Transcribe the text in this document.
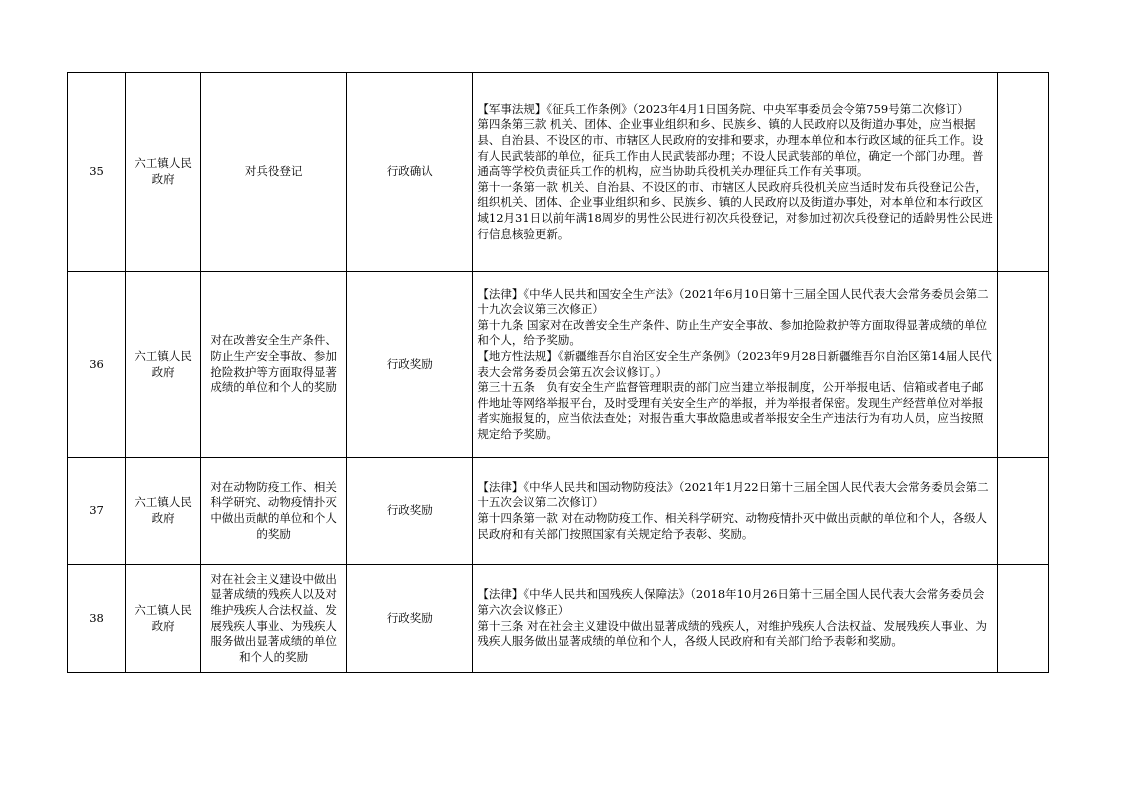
35	六工镇人民政府	对兵役登记	行政确认	【军事法规】《征兵工作条例》（2023年4月1日国务院、中央军事委员会令第759号第二次修订）
第四条第三款 机关、团体、企业事业组织和乡、民族乡、镇的人民政府以及街道办事处，应当根据县、自治县、不设区的市、市辖区人民政府的安排和要求，办理本单位和本行政区域的征兵工作。设有人民武装部的单位，征兵工作由人民武装部办理；不设人民武装部的单位，确定一个部门办理。普通高等学校负责征兵工作的机构，应当协助兵役机关办理征兵工作有关事项。
第十一条第一款 机关、自治县、不设区的市、市辖区人民政府兵役机关应当适时发布兵役登记公告，组织机关、团体、企业事业组织和乡、民族乡、镇的人民政府以及街道办事处，对本单位和本行政区域12月31日以前年满18周岁的男性公民进行初次兵役登记，对参加过初次兵役登记的适龄男性公民进行信息核验更新。	

36	六工镇人民政府	对在改善安全生产条件、防止生产安全事故、参加抢险救护等方面取得显著成绩的单位和个人的奖励	行政奖励	【法律】《中华人民共和国安全生产法》（2021年6月10日第十三届全国人民代表大会常务委员会第二十九次会议第三次修正）
第十九条 国家对在改善安全生产条件、防止生产安全事故、参加抢险救护等方面取得显著成绩的单位和个人，给予奖励。
【地方性法规】《新疆维吾尔自治区安全生产条例》（2023年9月28日新疆维吾尔自治区第14届人民代表大会常务委员会第五次会议修订。）
第三十五条　负有安全生产监督管理职责的部门应当建立举报制度，公开举报电话、信箱或者电子邮件地址等网络举报平台，及时受理有关安全生产的举报，并为举报者保密。发现生产经营单位对举报者实施报复的，应当依法查处；对报告重大事故隐患或者举报安全生产违法行为有功人员，应当按照规定给予奖励。	

37	六工镇人民政府	对在动物防疫工作、相关科学研究、动物疫情扑灭中做出贡献的单位和个人的奖励	行政奖励	【法律】《中华人民共和国动物防疫法》（2021年1月22日第十三届全国人民代表大会常务委员会第二十五次会议第二次修订）
第十四条第一款 对在动物防疫工作、相关科学研究、动物疫情扑灭中做出贡献的单位和个人，各级人民政府和有关部门按照国家有关规定给予表彰、奖励。	

38	六工镇人民政府	对在社会主义建设中做出显著成绩的残疾人以及对维护残疾人合法权益、发展残疾人事业、为残疾人服务做出显著成绩的单位和个人的奖励	行政奖励	【法律】《中华人民共和国残疾人保障法》（2018年10月26日第十三届全国人民代表大会常务委员会第六次会议修正）
第十三条 对在社会主义建设中做出显著成绩的残疾人，对维护残疾人合法权益、发展残疾人事业、为残疾人服务做出显著成绩的单位和个人，各级人民政府和有关部门给予表彰和奖励。	
